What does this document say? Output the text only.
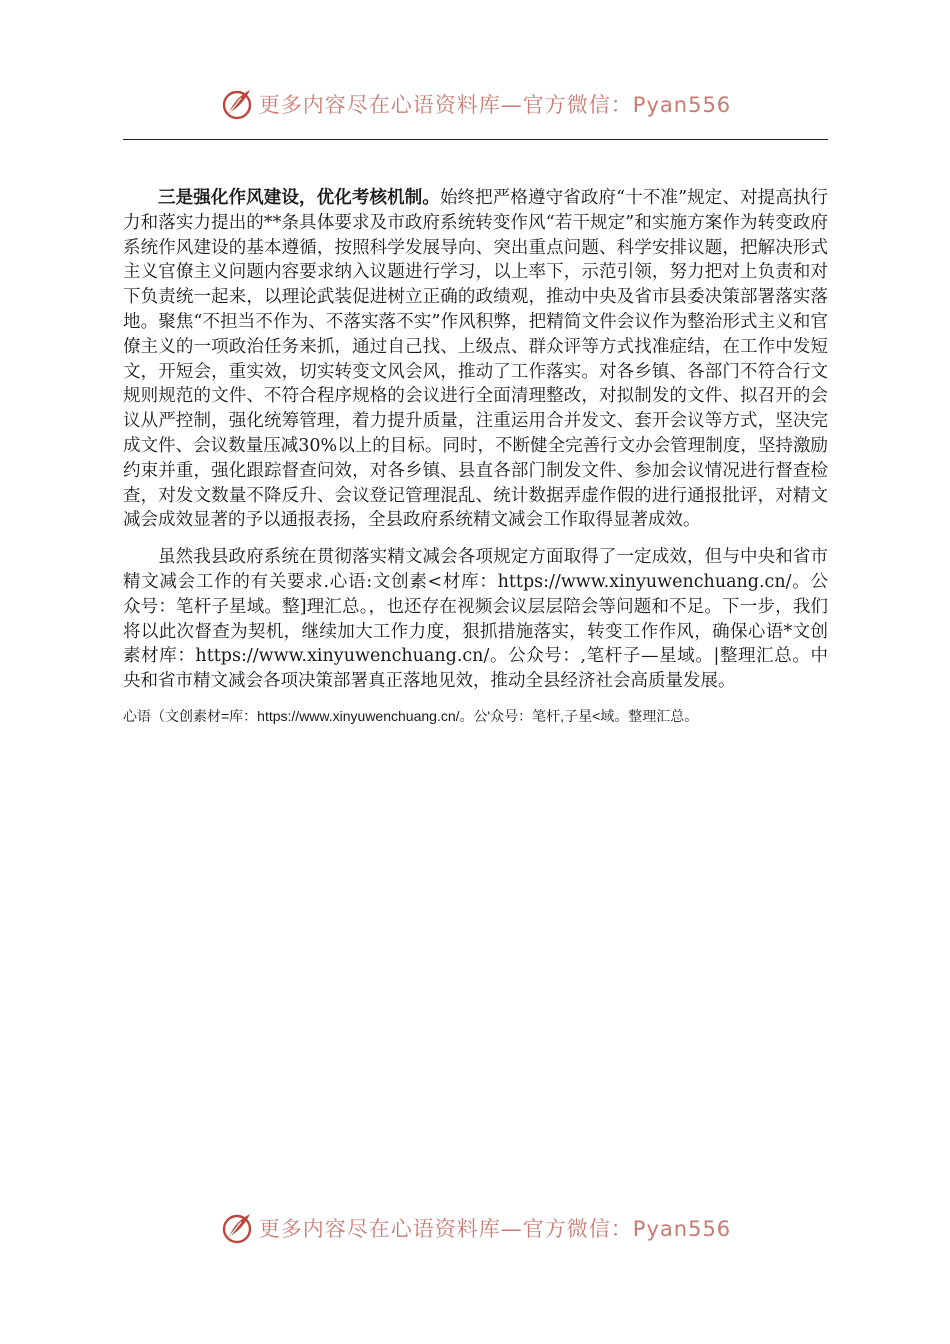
更多内容尽在心语资料库—官方微信：Pyan556

三是强化作风建设，优化考核机制。始终把严格遵守省政府“十不准”规定、对提高执行力和落实力提出的**条具体要求及市政府系统转变作风“若干规定”和实施方案作为转变政府系统作风建设的基本遵循，按照科学发展导向、突出重点问题、科学安排议题，把解决形式主义官僚主义问题内容要求纳入议题进行学习，以上率下，示范引领，努力把对上负责和对下负责统一起来，以理论武装促进树立正确的政绩观，推动中央及省市县委决策部署落实落地。聚焦“不担当不作为、不落实落不实”作风积弊，把精简文件会议作为整治形式主义和官僚主义的一项政治任务来抓，通过自己找、上级点、群众评等方式找准症结，在工作中发短文，开短会，重实效，切实转变文风会风，推动了工作落实。对各乡镇、各部门不符合行文规则规范的文件、不符合程序规格的会议进行全面清理整改，对拟制发的文件、拟召开的会议从严控制，强化统筹管理，着力提升质量，注重运用合并发文、套开会议等方式，坚决完成文件、会议数量压减30%以上的目标。同时，不断健全完善行文办会管理制度，坚持激励约束并重，强化跟踪督查问效，对各乡镇、县直各部门制发文件、参加会议情况进行督查检查，对发文数量不降反升、会议登记管理混乱、统计数据弄虚作假的进行通报批评，对精文减会成效显著的予以通报表扬，全县政府系统精文减会工作取得显著成效。

虽然我县政府系统在贯彻落实精文减会各项规定方面取得了一定成效，但与中央和省市精文减会工作的有关要求.心语:文创素<材库：https://www.xinyuwenchuang.cn/。公众号：笔杆子星域。整]理汇总。，也还存在视频会议层层陪会等问题和不足。下一步，我们将以此次督查为契机，继续加大工作力度，狠抓措施落实，转变工作作风，确保心语*文创素材库：https://www.xinyuwenchuang.cn/。公众号：,笔杆子—星域。|整理汇总。中央和省市精文减会各项决策部署真正落地见效，推动全县经济社会高质量发展。

心语（文创素材=库：https://www.xinyuwenchuang.cn/。公'众号：笔杆,子星<域。整理汇总。
更多内容尽在心语资料库—官方微信：Pyan556
